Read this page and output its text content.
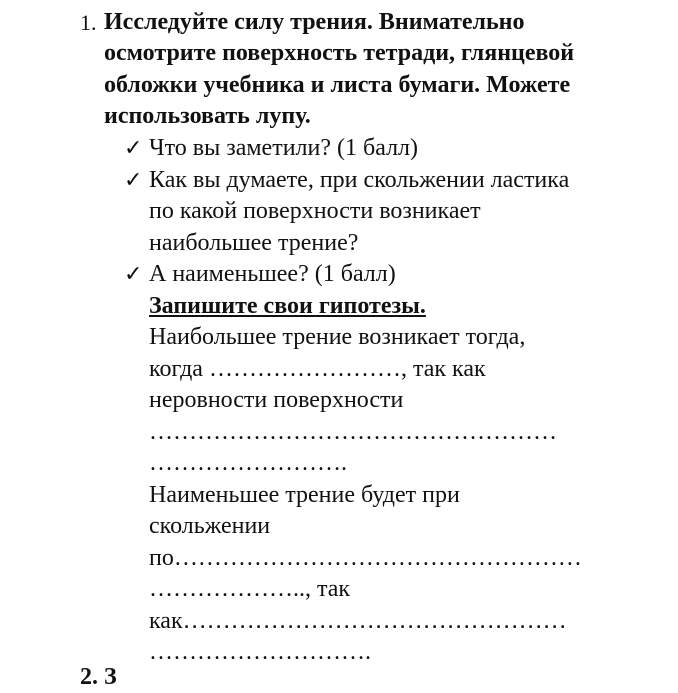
1. Исследуйте силу трения. Внимательно
осмотрите поверхность тетради, глянцевой
обложки учебника и листа бумаги. Можете
использовать лупу.
✓ Что вы заметили? (1 балл)
✓ Как вы думаете, при скольжении ластика
по какой поверхности возникает
наибольшее трение?
✓ А наименьшее? (1 балл)
Запишите свои гипотезы.
Наибольшее трение возникает тогда,
когда ……………………, так как
неровности поверхности
……………………………………………
…………………….
Наименьшее трение будет при
скольжении
по……………………………………………
……………….., так
как…………………………………………
……………………….
2. З
